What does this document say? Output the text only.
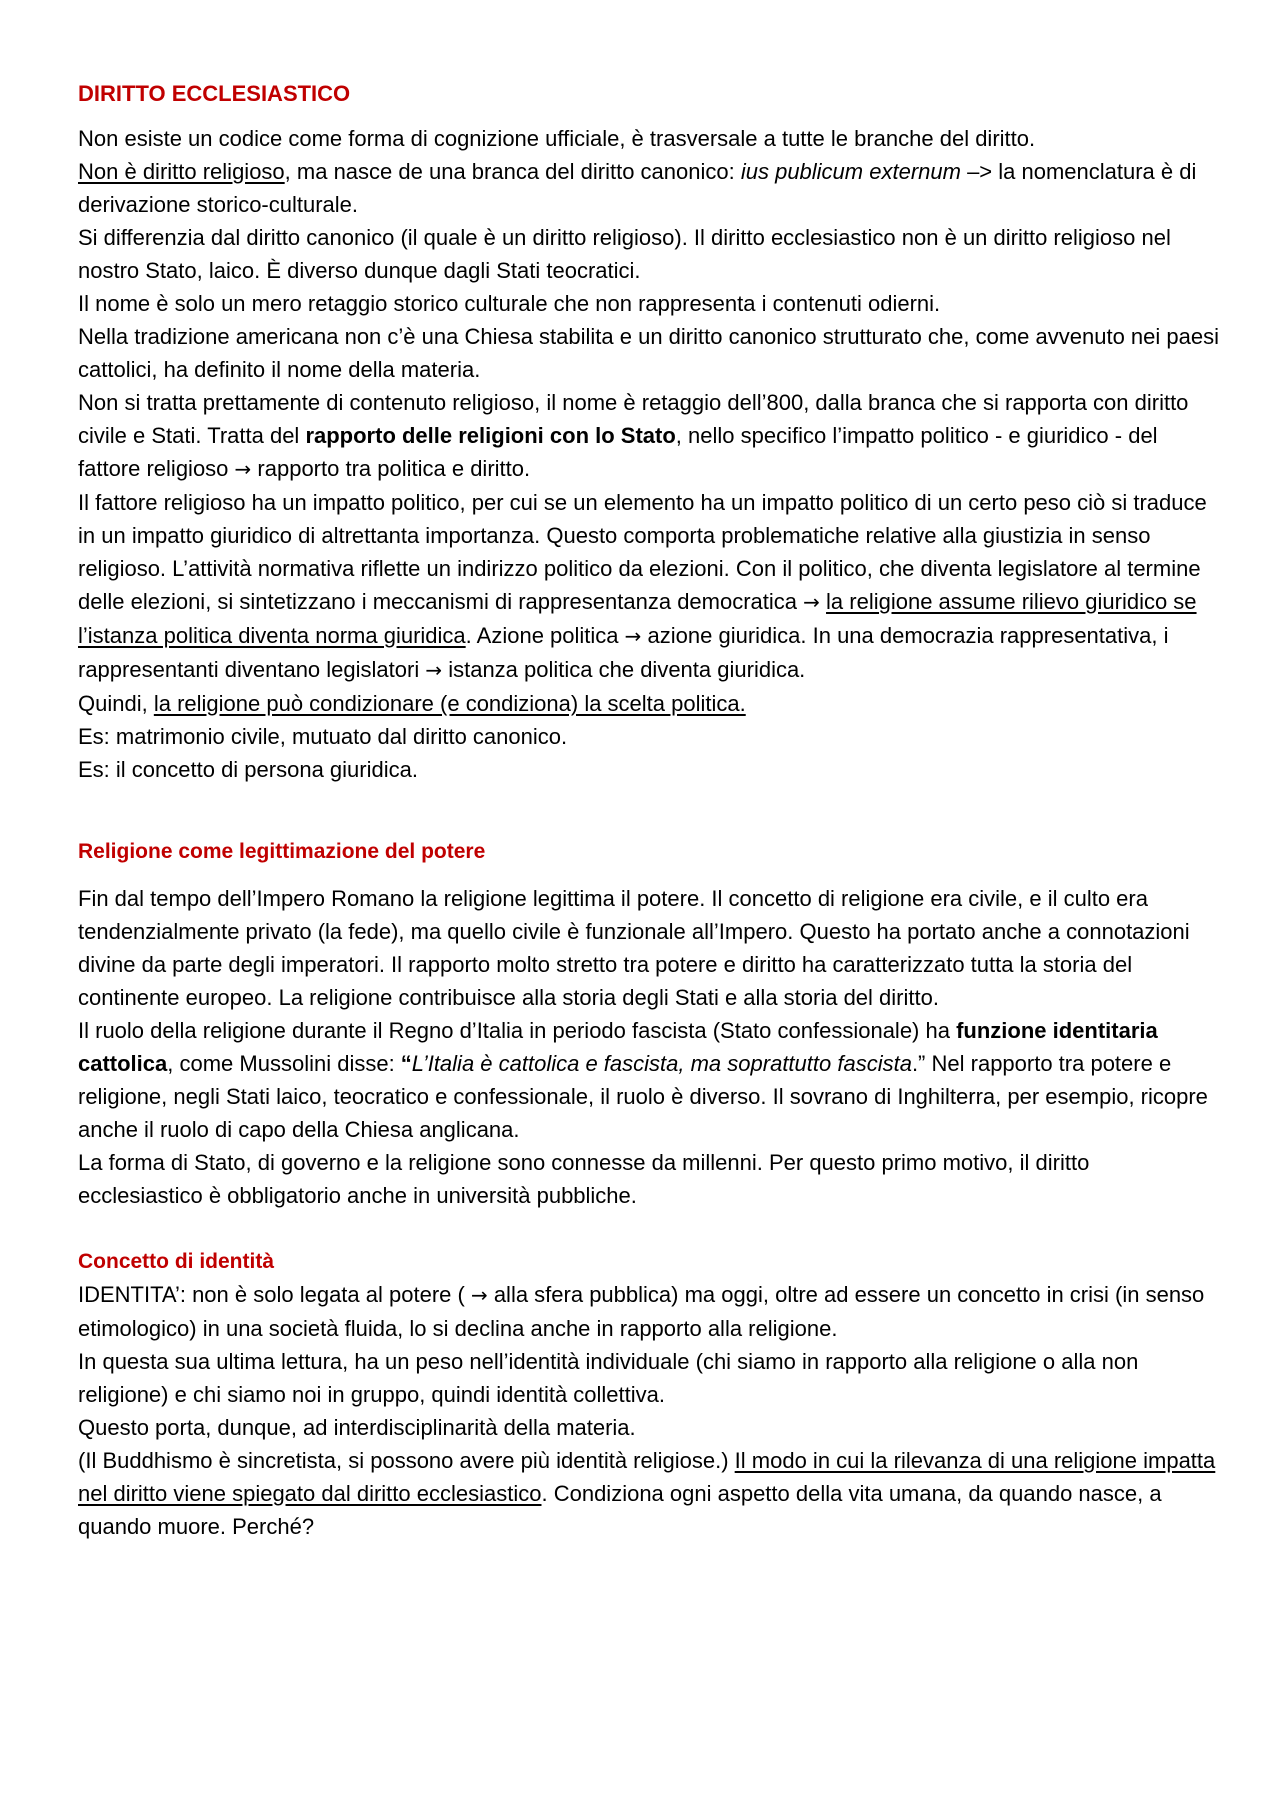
DIRITTO ECCLESIASTICO

Non esiste un codice come forma di cognizione ufficiale, è trasversale a tutte le branche del diritto.

Non è diritto religioso, ma nasce de una branca del diritto canonico: ius publicum externum –> la nomenclatura è di derivazione storico-culturale.

Si differenzia dal diritto canonico (il quale è un diritto religioso). Il diritto ecclesiastico non è un diritto religioso nel nostro Stato, laico. È diverso dunque dagli Stati teocratici.

Il nome è solo un mero retaggio storico culturale che non rappresenta i contenuti odierni.

Nella tradizione americana non c’è una Chiesa stabilita e un diritto canonico strutturato che, come avvenuto nei paesi cattolici, ha definito il nome della materia.

Non si tratta prettamente di contenuto religioso, il nome è retaggio dell’800, dalla branca che si rapporta con diritto civile e Stati. Tratta del rapporto delle religioni con lo Stato, nello specifico l’impatto politico - e giuridico - del fattore religioso → rapporto tra politica e diritto.

Il fattore religioso ha un impatto politico, per cui se un elemento ha un impatto politico di un certo peso ciò si traduce in un impatto giuridico di altrettanta importanza. Questo comporta problematiche relative alla giustizia in senso religioso. L’attività normativa riflette un indirizzo politico da elezioni. Con il politico, che diventa legislatore al termine delle elezioni, si sintetizzano i meccanismi di rappresentanza democratica → la religione assume rilievo giuridico se l’istanza politica diventa norma giuridica. Azione politica → azione giuridica. In una democrazia rappresentativa, i rappresentanti diventano legislatori → istanza politica che diventa giuridica.

Quindi, la religione può condizionare (e condiziona) la scelta politica.

Es: matrimonio civile, mutuato dal diritto canonico.

Es: il concetto di persona giuridica.

Religione come legittimazione del potere

Fin dal tempo dell’Impero Romano la religione legittima il potere. Il concetto di religione era civile, e il culto era tendenzialmente privato (la fede), ma quello civile è funzionale all’Impero. Questo ha portato anche a connotazioni divine da parte degli imperatori. Il rapporto molto stretto tra potere e diritto ha caratterizzato tutta la storia del continente europeo. La religione contribuisce alla storia degli Stati e alla storia del diritto.

Il ruolo della religione durante il Regno d’Italia in periodo fascista (Stato confessionale) ha funzione identitaria cattolica, come Mussolini disse: “L’Italia è cattolica e fascista, ma soprattutto fascista.” Nel rapporto tra potere e religione, negli Stati laico, teocratico e confessionale, il ruolo è diverso. Il sovrano di Inghilterra, per esempio, ricopre anche il ruolo di capo della Chiesa anglicana.

La forma di Stato, di governo e la religione sono connesse da millenni. Per questo primo motivo, il diritto ecclesiastico è obbligatorio anche in università pubbliche.

Concetto di identità

IDENTITA’: non è solo legata al potere ( → alla sfera pubblica) ma oggi, oltre ad essere un concetto in crisi (in senso etimologico) in una società fluida, lo si declina anche in rapporto alla religione.

In questa sua ultima lettura, ha un peso nell’identità individuale (chi siamo in rapporto alla religione o alla non religione) e chi siamo noi in gruppo, quindi identità collettiva.

Questo porta, dunque, ad interdisciplinarità della materia.

(Il Buddhismo è sincretista, si possono avere più identità religiose.) Il modo in cui la rilevanza di una religione impatta nel diritto viene spiegato dal diritto ecclesiastico. Condiziona ogni aspetto della vita umana, da quando nasce, a quando muore. Perché?
